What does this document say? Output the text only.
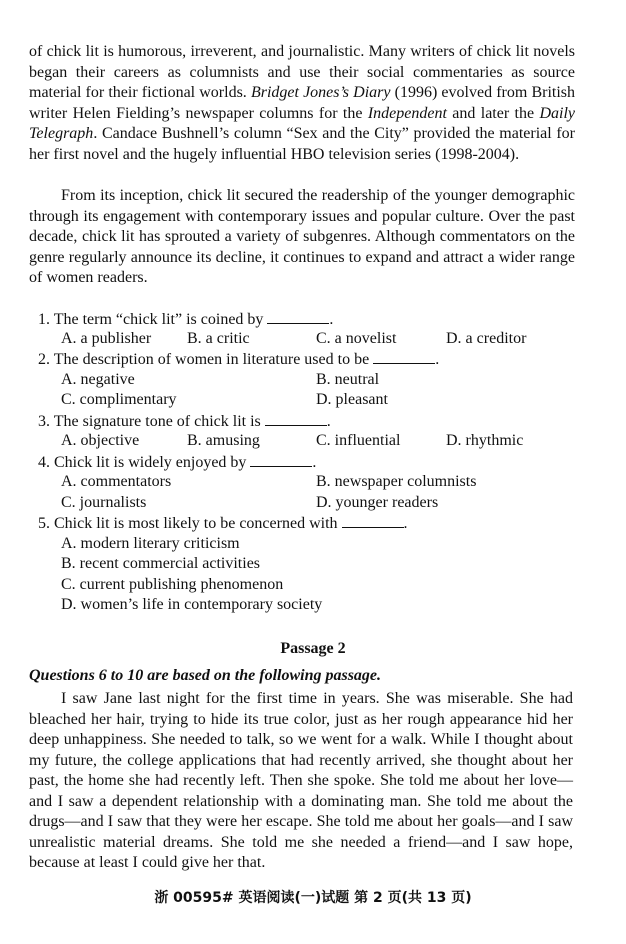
of chick lit is humorous, irreverent, and journalistic. Many writers of chick lit novels began their careers as columnists and use their social commentaries as source material for their fictional worlds. Bridget Jones’s Diary (1996) evolved from British writer Helen Fielding’s newspaper columns for the Independent and later the Daily Telegraph. Candace Bushnell’s column “Sex and the City” provided the material for her first novel and the hugely influential HBO television series (1998-2004).

From its inception, chick lit secured the readership of the younger demographic through its engagement with contemporary issues and popular culture. Over the past decade, chick lit has sprouted a variety of subgenres. Although commentators on the genre regularly announce its decline, it continues to expand and attract a wider range of women readers.

1. The term “chick lit” is coined by	.
A. a publisher B. a critic	C. a novelist	D. a creditor
2. The description of women in literature used to be	.
A. negative	B. neutral
C. complimentary	D. pleasant
3. The signature tone of chick lit is	.
A. objective	B. amusing	C. influential	D. rhythmic
4. Chick lit is widely enjoyed by	.
A. commentators	B. newspaper columnists
C. journalists	D. younger readers
5. Chick lit is most likely to be concerned with	.
A. modern literary criticism
B. recent commercial activities
C. current publishing phenomenon
D. women’s life in contemporary society
Passage 2
Questions 6 to 10 are based on the following passage.

I saw Jane last night for the first time in years. She was miserable. She had bleached her hair, trying to hide its true color, just as her rough appearance hid her deep unhappiness. She needed to talk, so we went for a walk. While I thought about my future, the college applications that had recently arrived, she thought about her past, the home she had recently left. Then she spoke. She told me about her love—and I saw a dependent relationship with a dominating man. She told me about the drugs—and I saw that they were her escape. She told me about her goals—and I saw unrealistic material dreams. She told me she needed a friend—and I saw hope, because at least I could give her that.

浙 00595# 英语阅读(一)试题 第 2 页(共 13 页)
